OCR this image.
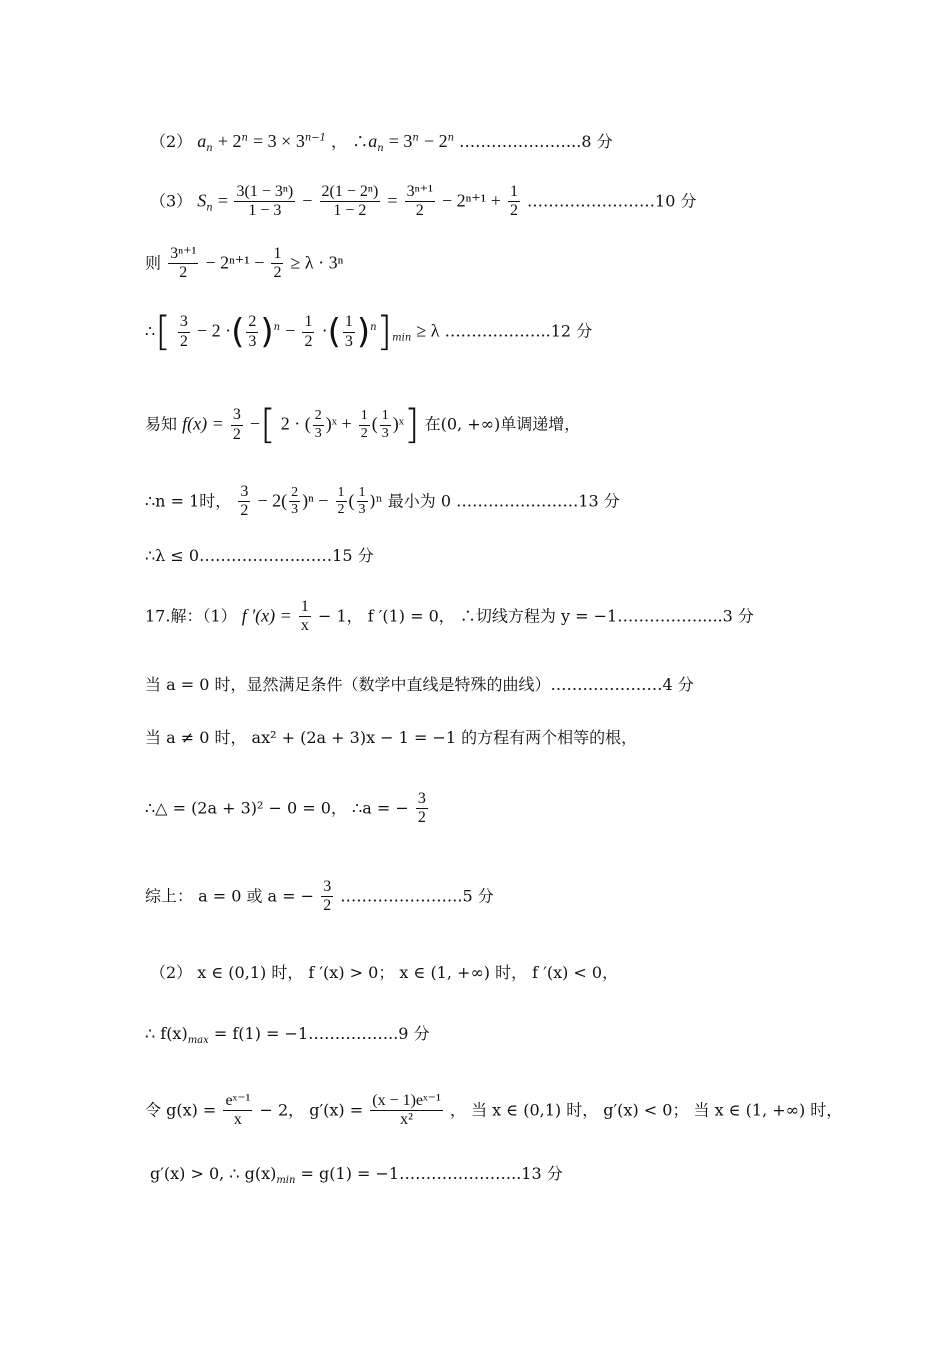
（2） $a_n + 2^n = 3 \times 3^{n-1}$ ， $\therefore a_n = 3^n - 2^n$ …………………..8 分
（3） $S_n = \frac{\text{3(1 − 3ⁿ)}}{1 - 3} - \frac{\text{2(1 − 2ⁿ)}}{1 - 2} = \frac{\text{3ⁿ⁺¹}}{2} - 2^{n+1} + \frac{1}{2}$ ……………………10 分
则 $\frac{\text{3ⁿ⁺¹}}{2} - 2^{n+1} - \frac{1}{2} \ge \lambda \cdot 3^n$
∴[ $\frac{3}{2} - 2$ ·( $\frac{2}{3} )^n - \frac{1}{2}$ ·( $\frac{1}{3} )^n]_{min} \ge \lambda$ ………………..12 分
易知 $f(x) = \frac{3}{2}$ −[ 2 · ( $\frac{2}{3}$ )ˣ + $\frac{1}{2}$ ( $\frac{1}{3}$ )ˣ] 在(0, +∞)单调递增，
∴n = 1时， $\frac{3}{2} - 2( \frac{2}{3} )^n - \frac{1}{2}$ ( $\frac{1}{3} )^n$ 最小为 0 …………..………13 分
∴λ ≤ 0……………….……15 分
17.解：（1） f $'(x) = \frac{1}{x} - 1$， f ′(1) = 0， ∴切线方程为 y = −1…………….....3 分
当 a = 0 时，显然满足条件（数学中直线是特殊的曲线）…………………4 分
当 a ≠ 0 时， ax² + (2a + 3)x − 1 = −1 的方程有两个相等的根，
∴△ = (2a + 3)² − 0 = 0， ∴a = − $\frac{3}{2}$
综上： a = 0 或 a = − $\frac{3}{2}$ …………………..5 分
（2） x ∈ (0,1) 时， f ′(x) > 0； x ∈ (1, +∞) 时， f ′(x) < 0，
∴ $f(x)_{max} = f(1)$ = −1……………..9 分
令 $g(x) = \frac{\text{eˣ⁻¹}}{x} - 2$， $g'(x) = \frac{\text{(x − 1)eˣ⁻¹}}{\text{x²}}$ ， 当 x ∈ (0,1) 时， g′(x) < 0； 当 x ∈ (1, +∞) 时，
g′(x) > 0, ∴ $g(x)_{min} = g(1)$ = −1…………………..13 分
